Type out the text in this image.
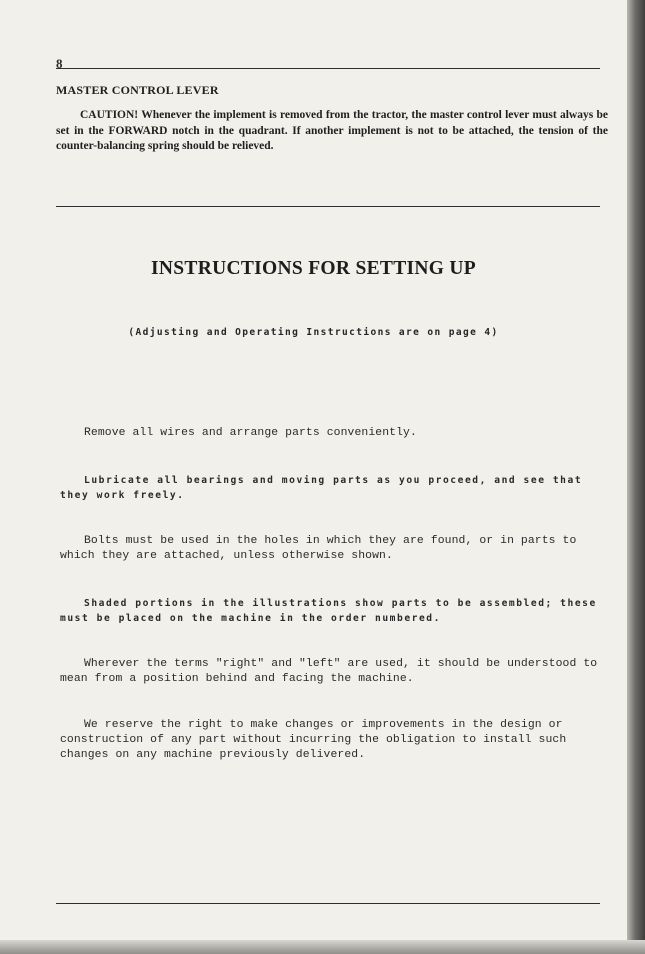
8
MASTER CONTROL LEVER

CAUTION! Whenever the implement is removed from the tractor, the master control lever must always be set in the FORWARD notch in the quadrant. If another implement is not to be attached, the tension of the counter-balancing spring should be relieved.

INSTRUCTIONS FOR SETTING UP
(Adjusting and Operating Instructions are on page 4)

Remove all wires and arrange parts conveniently.

Lubricate all bearings and moving parts as you proceed, and see that they work freely.

Bolts must be used in the holes in which they are found, or in parts to which they are attached, unless otherwise shown.

Shaded portions in the illustrations show parts to be assembled; these must be placed on the machine in the order numbered.

Wherever the terms "right" and "left" are used, it should be understood to mean from a position behind and facing the machine.

We reserve the right to make changes or improvements in the design or construction of any part without incurring the obligation to install such changes on any machine previously delivered.
